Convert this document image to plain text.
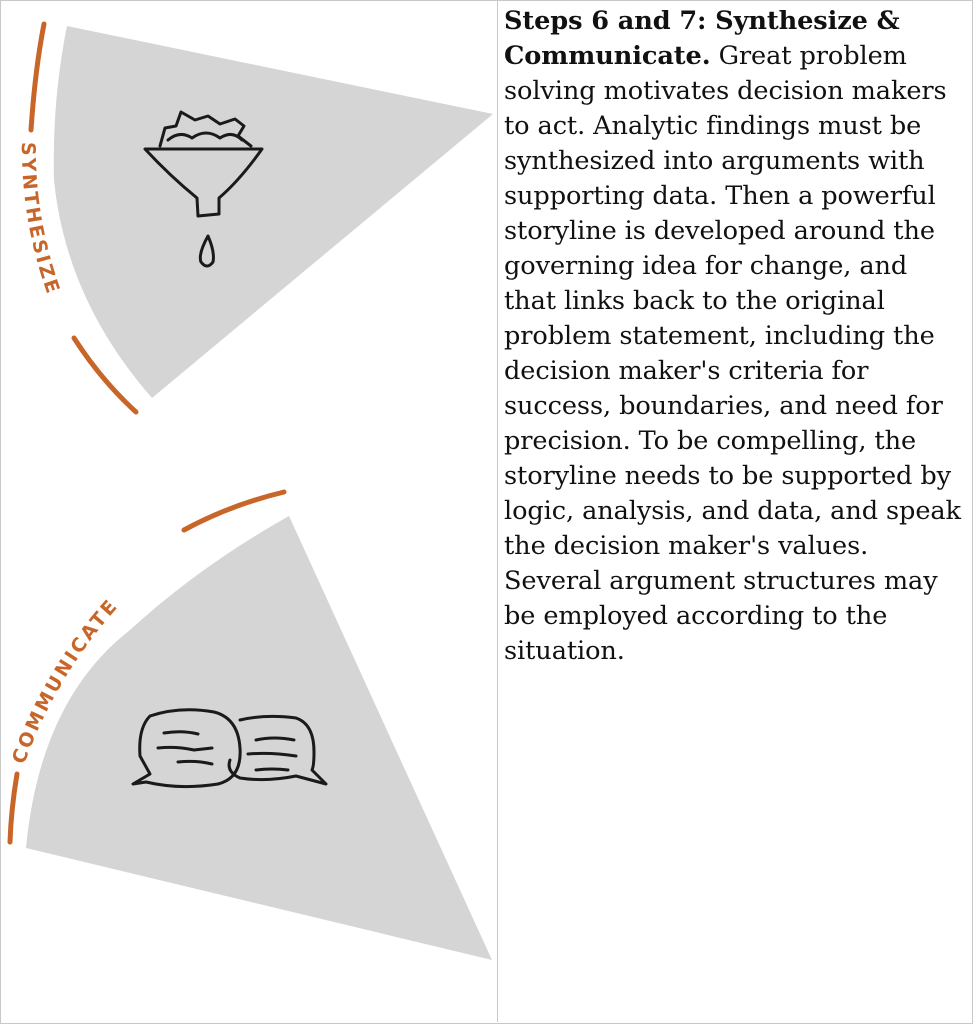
SYNTHESIZE
COMMUNICATE
Steps 6 and 7: Synthesize & Communicate. Great problem solving motivates decision makers to act. Analytic findings must be synthesized into arguments with supporting data. Then a powerful storyline is developed around the governing idea for change, and that links back to the original problem statement, including the decision maker's criteria for success, boundaries, and need for precision. To be compelling, the storyline needs to be supported by logic, analysis, and data, and speak the decision maker's values. Several argument structures may be employed according to the situation.
